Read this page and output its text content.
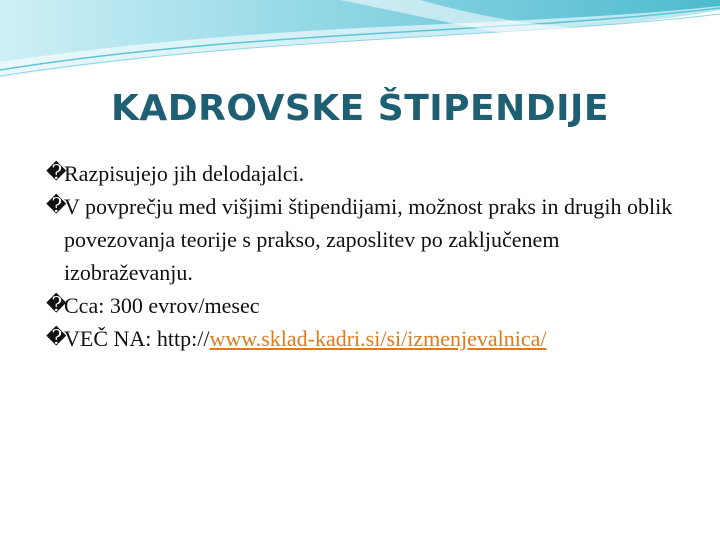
KADROVSKE ŠTIPENDIJE
�
Razpisujejo jih delodajalci.
�
V povprečju med višjimi štipendijami, možnost praks in drugih oblik povezovanja teorije s prakso, zaposlitev po zaključenem izobraževanju.
�
Cca: 300 evrov/mesec
�
VEČ NA: http://www.sklad-kadri.si/si/izmenjevalnica/
